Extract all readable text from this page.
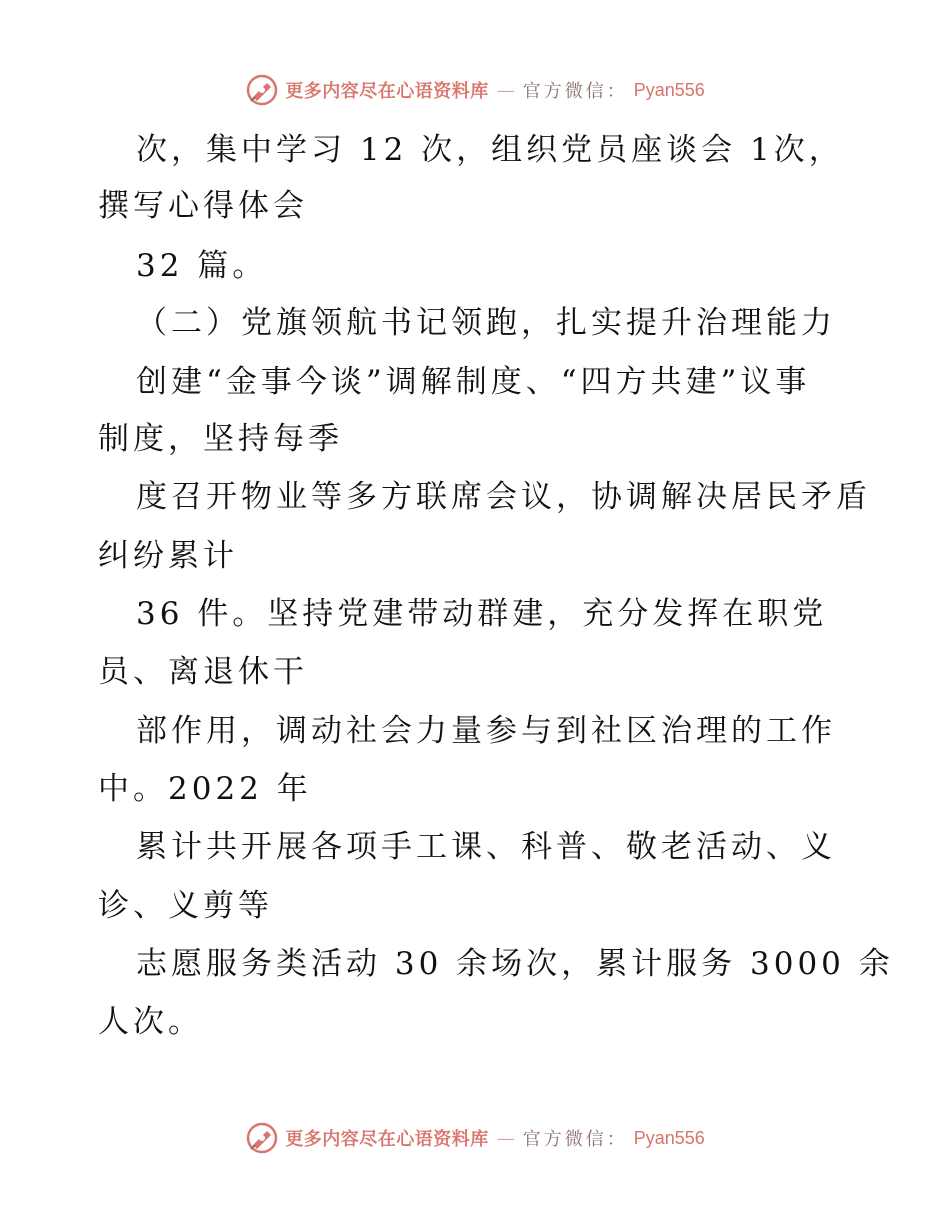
更多内容尽在心语资料库 — 官方微信： Pyan556
次，集中学习 12 次，组织党员座谈会 1次，
撰写心得体会
32 篇。
（二）党旗领航书记领跑，扎实提升治理能力
创建“金事今谈”调解制度、“四方共建”议事
制度，坚持每季
度召开物业等多方联席会议，协调解决居民矛盾
纠纷累计
36 件。坚持党建带动群建，充分发挥在职党
员、离退休干
部作用，调动社会力量参与到社区治理的工作
中。2022 年
累计共开展各项手工课、科普、敬老活动、义
诊、义剪等
志愿服务类活动 30 余场次，累计服务 3000 余
人次。
更多内容尽在心语资料库 — 官方微信： Pyan556
